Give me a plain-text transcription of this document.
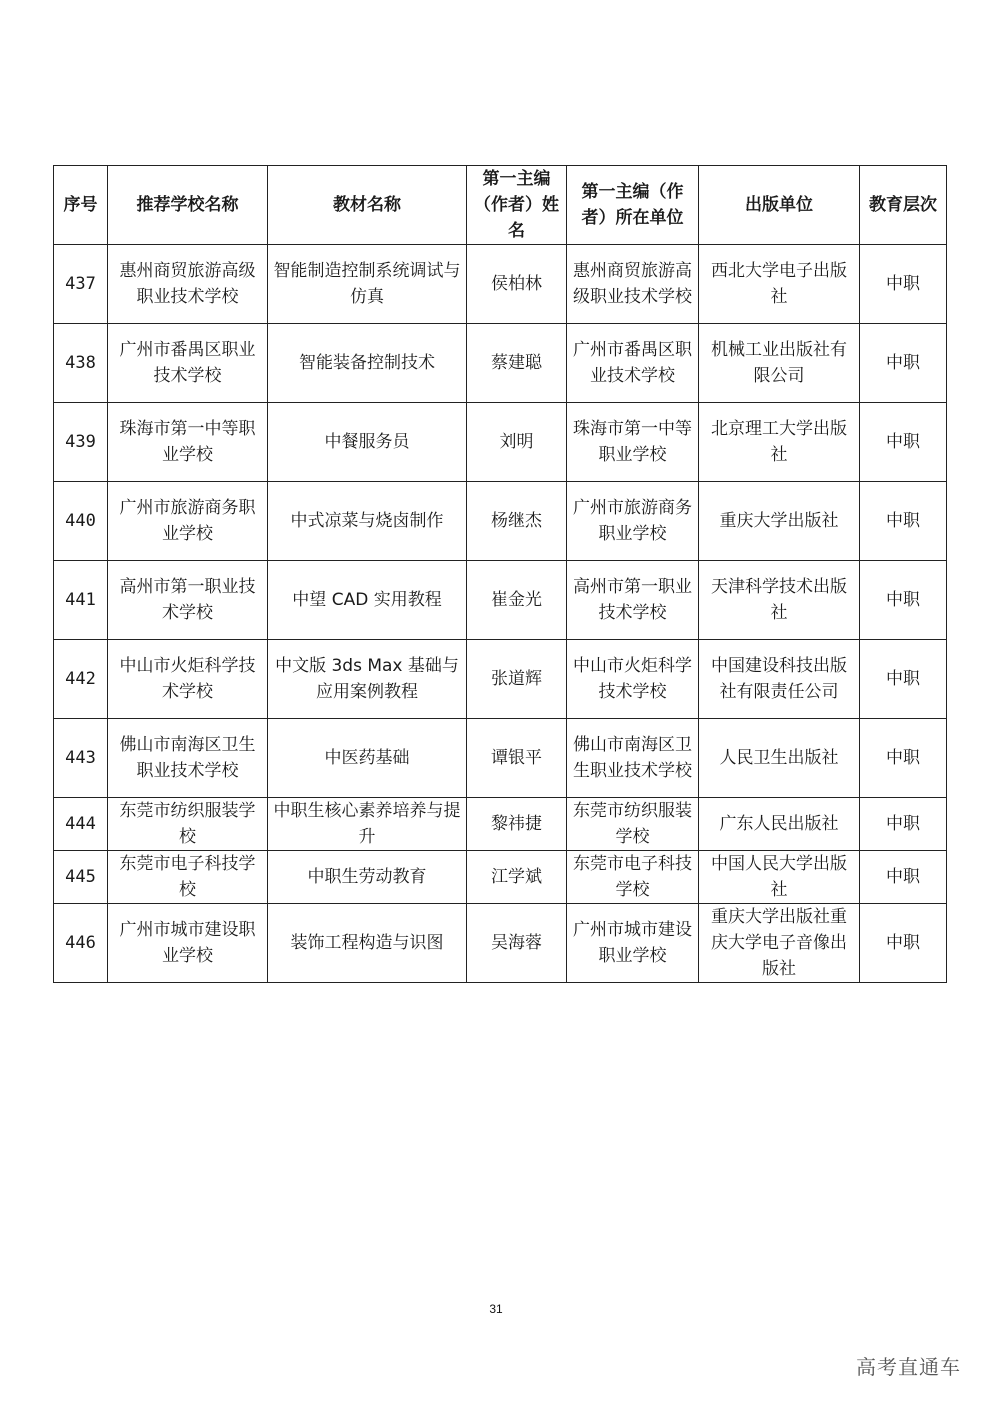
序号	推荐学校名称	教材名称	第一主编（作者）姓名	第一主编（作者）所在单位	出版单位	教育层次
437	惠州商贸旅游高级职业技术学校	智能制造控制系统调试与仿真	侯柏林	惠州商贸旅游高级职业技术学校	西北大学电子出版社	中职
438	广州市番禺区职业技术学校	智能装备控制技术	蔡建聪	广州市番禺区职业技术学校	机械工业出版社有限公司	中职
439	珠海市第一中等职业学校	中餐服务员	刘明	珠海市第一中等职业学校	北京理工大学出版社	中职
440	广州市旅游商务职业学校	中式凉菜与烧卤制作	杨继杰	广州市旅游商务职业学校	重庆大学出版社	中职
441	高州市第一职业技术学校	中望 CAD 实用教程	崔金光	高州市第一职业技术学校	天津科学技术出版社	中职
442	中山市火炬科学技术学校	中文版 3ds Max 基础与应用案例教程	张道辉	中山市火炬科学技术学校	中国建设科技出版社有限责任公司	中职
443	佛山市南海区卫生职业技术学校	中医药基础	谭银平	佛山市南海区卫生职业技术学校	人民卫生出版社	中职
444	东莞市纺织服装学校	中职生核心素养培养与提升	黎祎捷	东莞市纺织服装学校	广东人民出版社	中职
445	东莞市电子科技学校	中职生劳动教育	江学斌	东莞市电子科技学校	中国人民大学出版社	中职
446	广州市城市建设职业学校	装饰工程构造与识图	吴海蓉	广州市城市建设职业学校	重庆大学出版社重庆大学电子音像出版社	中职
31
高考直通车
